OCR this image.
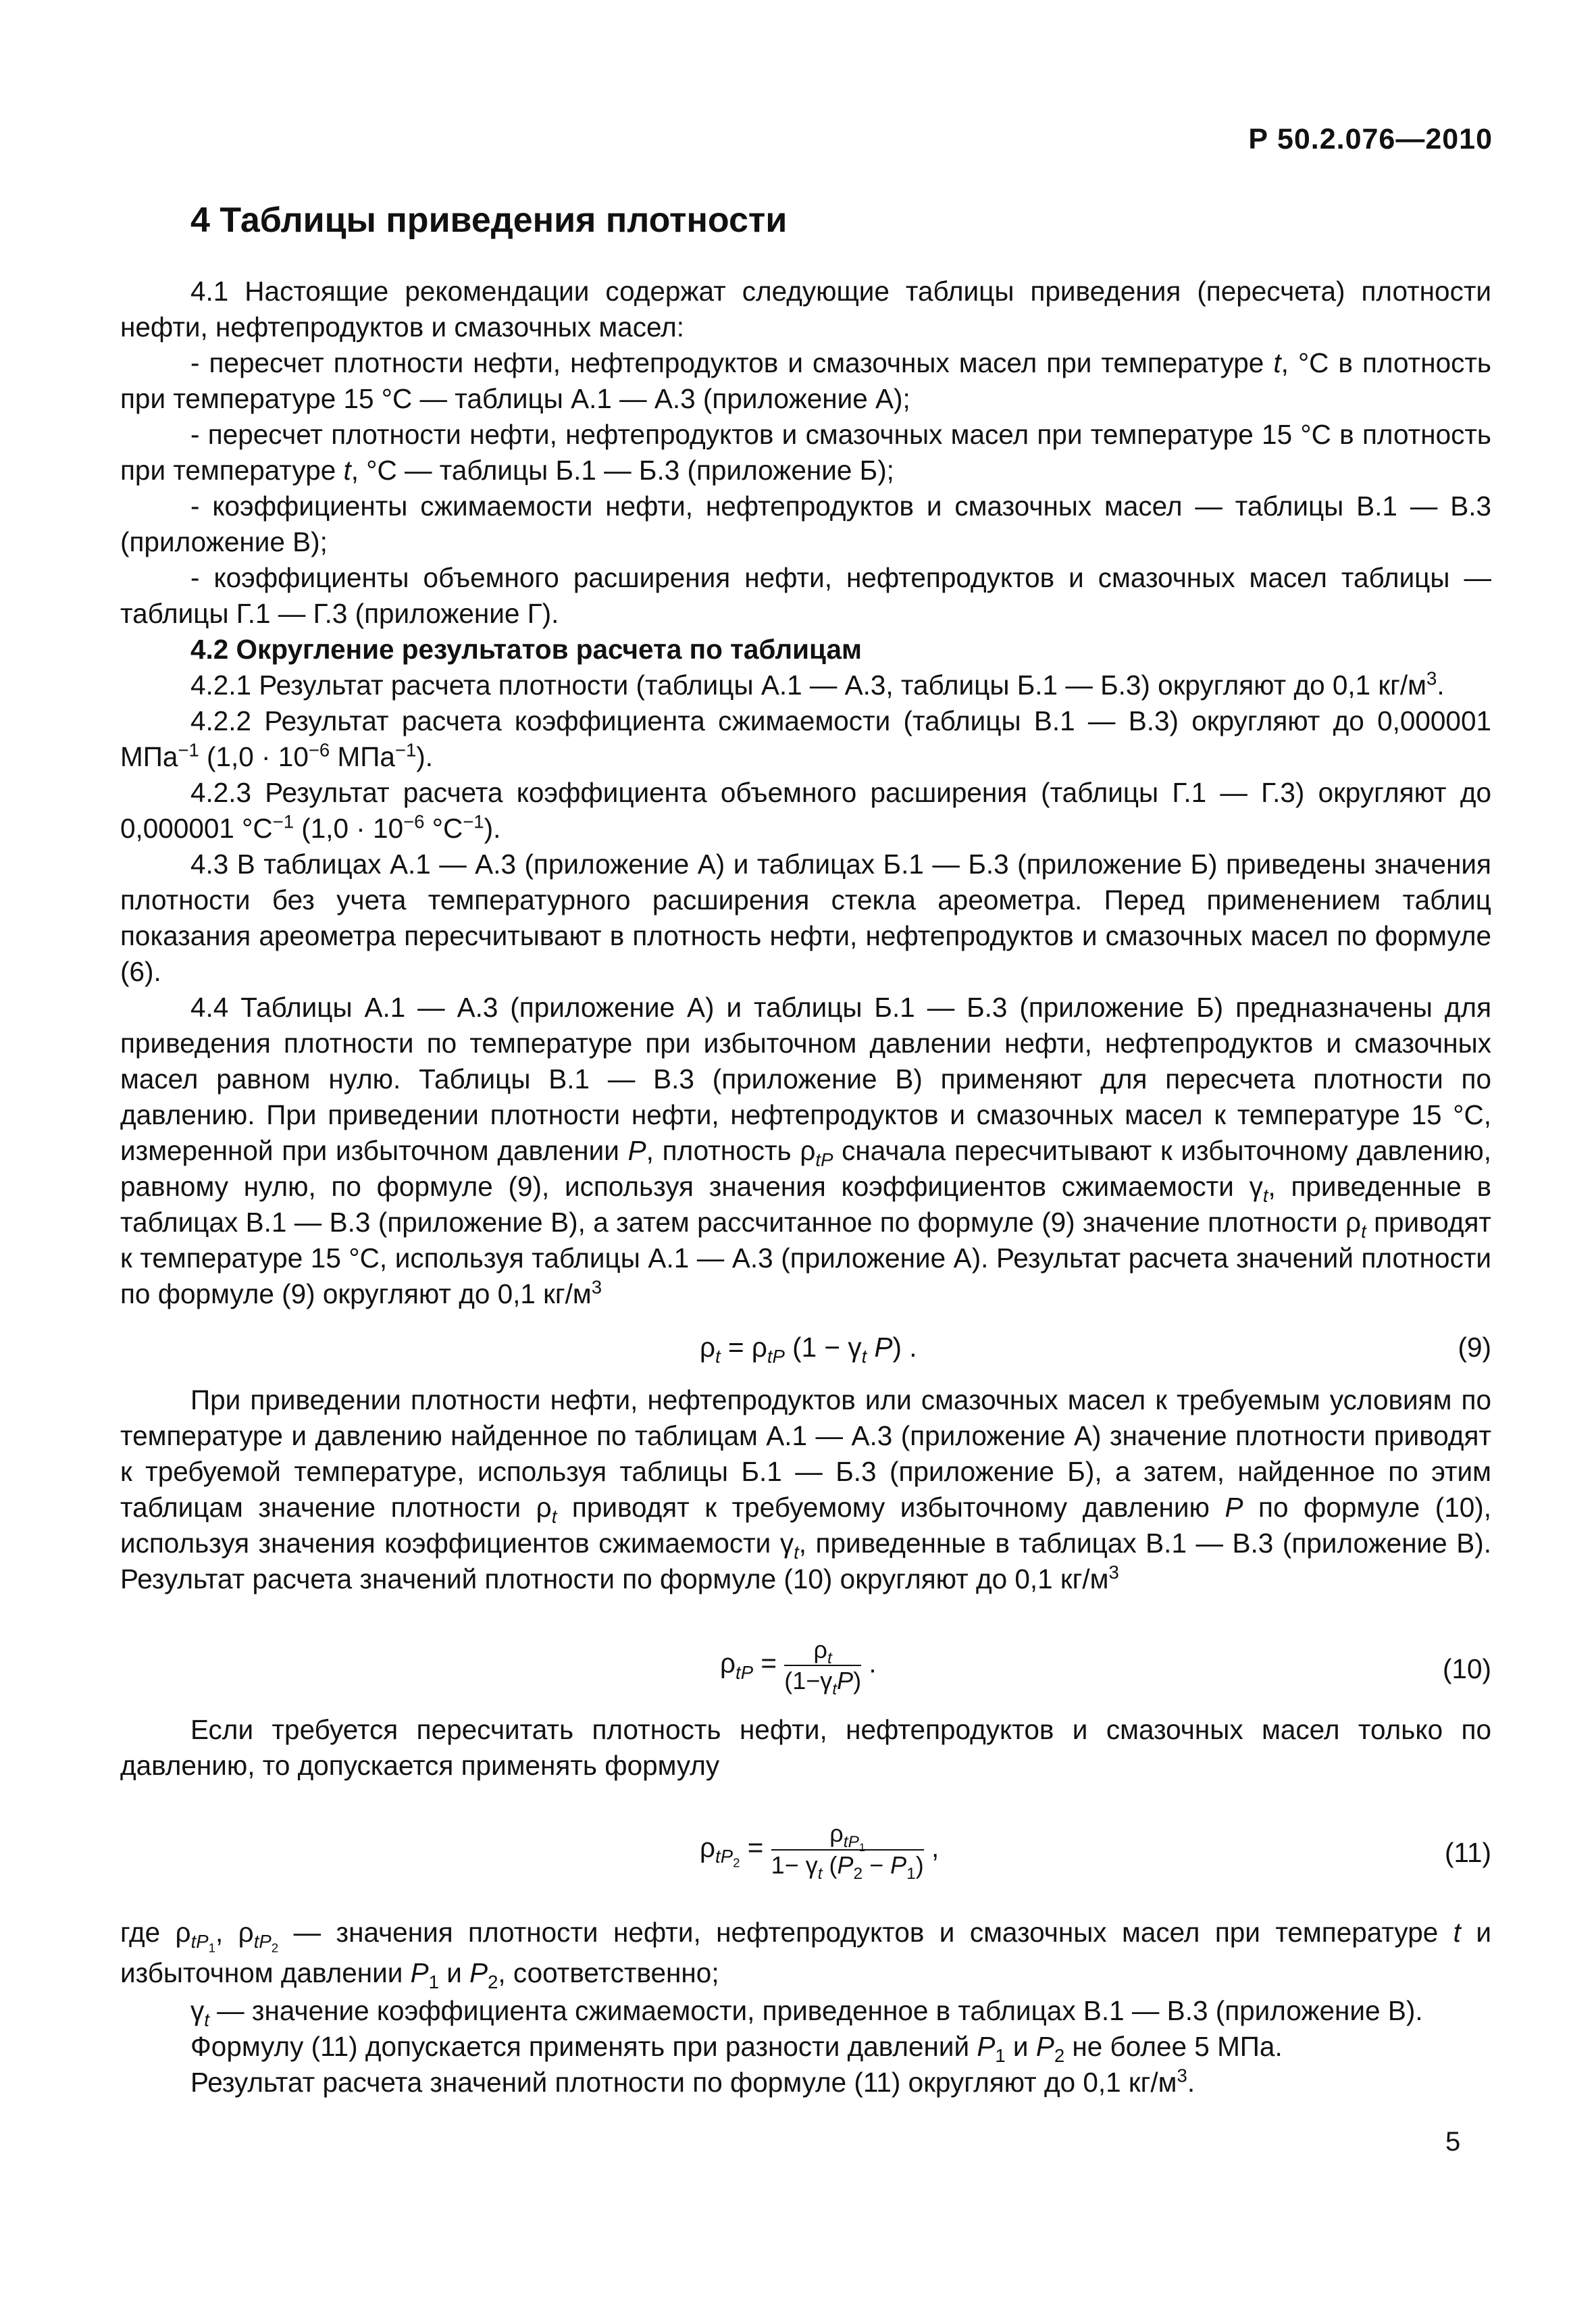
Р 50.2.076—2010
4 Таблицы приведения плотности

4.1 Настоящие рекомендации содержат следующие таблицы приведения (пересчета) плотности нефти, нефтепродуктов и смазочных масел:

- пересчет плотности нефти, нефтепродуктов и смазочных масел при температуре t, °С в плотность при температуре 15 °С — таблицы А.1 — А.3 (приложение А);

- пересчет плотности нефти, нефтепродуктов и смазочных масел при температуре 15 °С в плотность при температуре t, °С — таблицы Б.1 — Б.3 (приложение Б);

- коэффициенты сжимаемости нефти, нефтепродуктов и смазочных масел — таблицы В.1 — В.3 (приложение В);

- коэффициенты объемного расширения нефти, нефтепродуктов и смазочных масел таблицы — таблицы Г.1 — Г.3 (приложение Г).

4.2 Округление результатов расчета по таблицам

4.2.1 Результат расчета плотности (таблицы А.1 — А.3, таблицы Б.1 — Б.3) округляют до 0,1 $кг/м^3$.

4.2.2 Результат расчета коэффициента сжимаемости (таблицы В.1 — В.3) округляют до 0,000001 МПа$^{-1}$ ($1,0 \cdot 10^{-6}$ МПа$^{-1}$).

4.2.3 Результат расчета коэффициента объемного расширения (таблицы Г.1 — Г.3) округляют до 0,000001 $^\circ С^{-1}$ ($1,0 \cdot 10^{-6}$ $^\circ С^{-1}$).

4.3 В таблицах А.1 — А.3 (приложение А) и таблицах Б.1 — Б.3 (приложение Б) приведены значения плотности без учета температурного расширения стекла ареометра. Перед применением таблиц показания ареометра пересчитывают в плотность нефти, нефтепродуктов и смазочных масел по формуле (6).

4.4 Таблицы А.1 — А.3 (приложение А) и таблицы Б.1 — Б.3 (приложение Б) предназначены для приведения плотности по температуре при избыточном давлении нефти, нефтепродуктов и смазочных масел равном нулю. Таблицы В.1 — В.3 (приложение В) применяют для пересчета плотности по давлению. При приведении плотности нефти, нефтепродуктов и смазочных масел к температуре 15 °С, измеренной при избыточном давлении P, плотность $\rho_{tP}$ сначала пересчитывают к избыточному давлению, равному нулю, по формуле (9), используя значения коэффициентов сжимаемости $\gamma_t$, приведенные в таблицах В.1 — В.3 (приложение В), а затем рассчитанное по формуле (9) значение плотности $\rho_t$ приводят к температуре 15 °С, используя таблицы А.1 — А.3 (приложение А). Результат расчета значений плотности по формуле (9) округляют до 0,1 $кг/м^3$

$\rho_t = \rho_{tP}$ ($1 - \gamma_t$ P) .	(9)

При приведении плотности нефти, нефтепродуктов или смазочных масел к требуемым условиям по температуре и давлению найденное по таблицам А.1 — А.3 (приложение А) значение плотности приводят к требуемой температуре, используя таблицы Б.1 — Б.3 (приложение Б), а затем, найденное по этим таблицам значение плотности $\rho_t$ приводят к требуемому избыточному давлению P по формуле (10), используя значения коэффициентов сжимаемости $\gamma_t$, приведенные в таблицах В.1 — В.3 (приложение В). Результат расчета значений плотности по формуле (10) округляют до 0,1 $кг/м^3$

$\rho_{tP} = \frac{\rho_t}{(1-\gamma_tP)}$ .	(10)

Если требуется пересчитать плотность нефти, нефтепродуктов и смазочных масел только по давлению, то допускается применять формулу

$\rho_{tP_2} = \frac{\rho_{tP_1}}{1- \gamma_t (P_2 - P_1)}$ ,	(11)

где $\rho_{tP_1}$, $\rho_{tP_2}$ — значения плотности нефти, нефтепродуктов и смазочных масел при температуре t и избыточном давлении $P_1$ и $P_2$, соответственно;

$\gamma_t$ — значение коэффициента сжимаемости, приведенное в таблицах В.1 — В.3 (приложение В).

Формулу (11) допускается применять при разности давлений $P_1$ и $P_2$ не более 5 МПа.

Результат расчета значений плотности по формуле (11) округляют до 0,1 $кг/м^3$.

5
